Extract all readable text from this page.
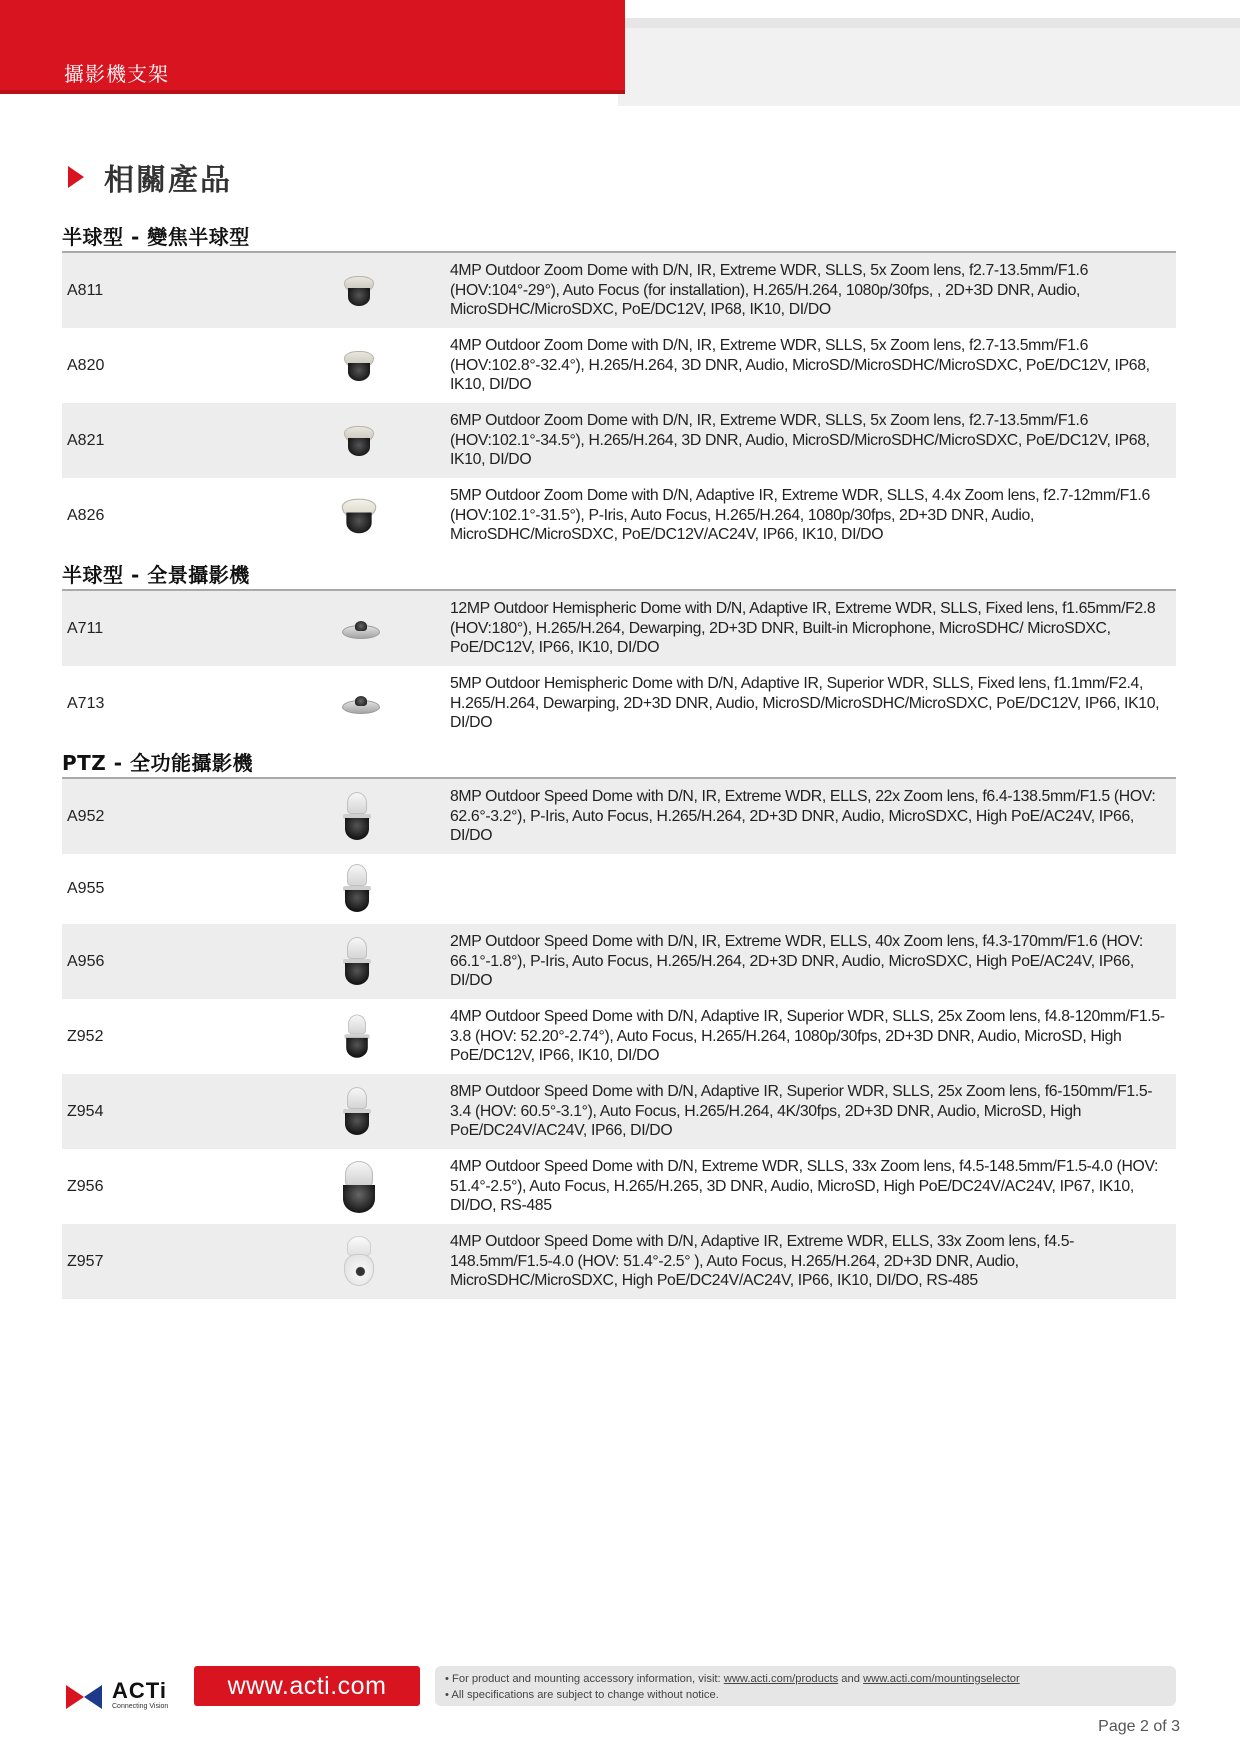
攝影機支架
相關產品
半球型 - 變焦半球型
A811
4MP Outdoor Zoom Dome with D/N, IR, Extreme WDR, SLLS, 5x Zoom lens, f2.7-13.5mm/F1.6 (HOV:104°-29°), Auto Focus (for installation), H.265/H.264, 1080p/30fps, , 2D+3D DNR, Audio, MicroSDHC/MicroSDXC, PoE/DC12V, IP68, IK10, DI/DO
A820
4MP Outdoor Zoom Dome with D/N, IR, Extreme WDR, SLLS, 5x Zoom lens, f2.7-13.5mm/F1.6 (HOV:102.8°-32.4°), H.265/H.264, 3D DNR, Audio, MicroSD/MicroSDHC/MicroSDXC, PoE/DC12V, IP68, IK10, DI/DO
A821
6MP Outdoor Zoom Dome with D/N, IR, Extreme WDR, SLLS, 5x Zoom lens, f2.7-13.5mm/F1.6 (HOV:102.1°-34.5°), H.265/H.264, 3D DNR, Audio, MicroSD/MicroSDHC/MicroSDXC, PoE/DC12V, IP68, IK10, DI/DO
A826
5MP Outdoor Zoom Dome with D/N, Adaptive IR, Extreme WDR, SLLS, 4.4x Zoom lens, f2.7-12mm/F1.6 (HOV:102.1°-31.5°), P-Iris, Auto Focus, H.265/H.264, 1080p/30fps, 2D+3D DNR, Audio, MicroSDHC/MicroSDXC, PoE/DC12V/AC24V, IP66, IK10, DI/DO
半球型 - 全景攝影機
A711
12MP Outdoor Hemispheric Dome with D/N, Adaptive IR, Extreme WDR, SLLS, Fixed lens, f1.65mm/F2.8 (HOV:180°), H.265/H.264, Dewarping, 2D+3D DNR, Built-in Microphone, MicroSDHC/ MicroSDXC, PoE/DC12V, IP66, IK10, DI/DO
A713
5MP Outdoor Hemispheric Dome with D/N, Adaptive IR, Superior WDR, SLLS, Fixed lens, f1.1mm/F2.4, H.265/H.264, Dewarping, 2D+3D DNR, Audio, MicroSD/MicroSDHC/MicroSDXC, PoE/DC12V, IP66, IK10, DI/DO
PTZ - 全功能攝影機
A952
8MP Outdoor Speed Dome with D/N, IR, Extreme WDR, ELLS, 22x Zoom lens, f6.4-138.5mm/F1.5 (HOV: 62.6°-3.2°), P-Iris, Auto Focus, H.265/H.264, 2D+3D DNR, Audio, MicroSDXC, High PoE/AC24V, IP66, DI/DO
A955
A956
2MP Outdoor Speed Dome with D/N, IR, Extreme WDR, ELLS, 40x Zoom lens, f4.3-170mm/F1.6 (HOV: 66.1°-1.8°), P-Iris, Auto Focus, H.265/H.264, 2D+3D DNR, Audio, MicroSDXC, High PoE/AC24V, IP66, DI/DO
Z952
4MP Outdoor Speed Dome with D/N, Adaptive IR, Superior WDR, SLLS, 25x Zoom lens, f4.8-120mm/F1.5-3.8 (HOV: 52.20°-2.74°), Auto Focus, H.265/H.264, 1080p/30fps, 2D+3D DNR, Audio, MicroSD, High PoE/DC12V, IP66, IK10, DI/DO
Z954
8MP Outdoor Speed Dome with D/N, Adaptive IR, Superior WDR, SLLS, 25x Zoom lens, f6-150mm/F1.5-3.4 (HOV: 60.5°-3.1°), Auto Focus, H.265/H.264, 4K/30fps, 2D+3D DNR, Audio, MicroSD, High PoE/DC24V/AC24V, IP66, DI/DO
Z956
4MP Outdoor Speed Dome with D/N, Extreme WDR, SLLS, 33x Zoom lens, f4.5-148.5mm/F1.5-4.0 (HOV: 51.4°-2.5°), Auto Focus, H.265/H.265, 3D DNR, Audio, MicroSD, High PoE/DC24V/AC24V, IP67, IK10, DI/DO, RS-485
Z957
4MP Outdoor Speed Dome with D/N, Adaptive IR, Extreme WDR, ELLS, 33x Zoom lens, f4.5-148.5mm/F1.5-4.0 (HOV: 51.4°-2.5° ), Auto Focus, H.265/H.264, 2D+3D DNR, Audio, MicroSDHC/MicroSDXC, High PoE/DC24V/AC24V, IP66, IK10, DI/DO, RS-485
ACTi
Connecting Vision
www.acti.com	• For product and mounting accessory information, visit: www.acti.com/products and www.acti.com/mountingselector
• All specifications are subject to change without notice.
Page 2 of 3
